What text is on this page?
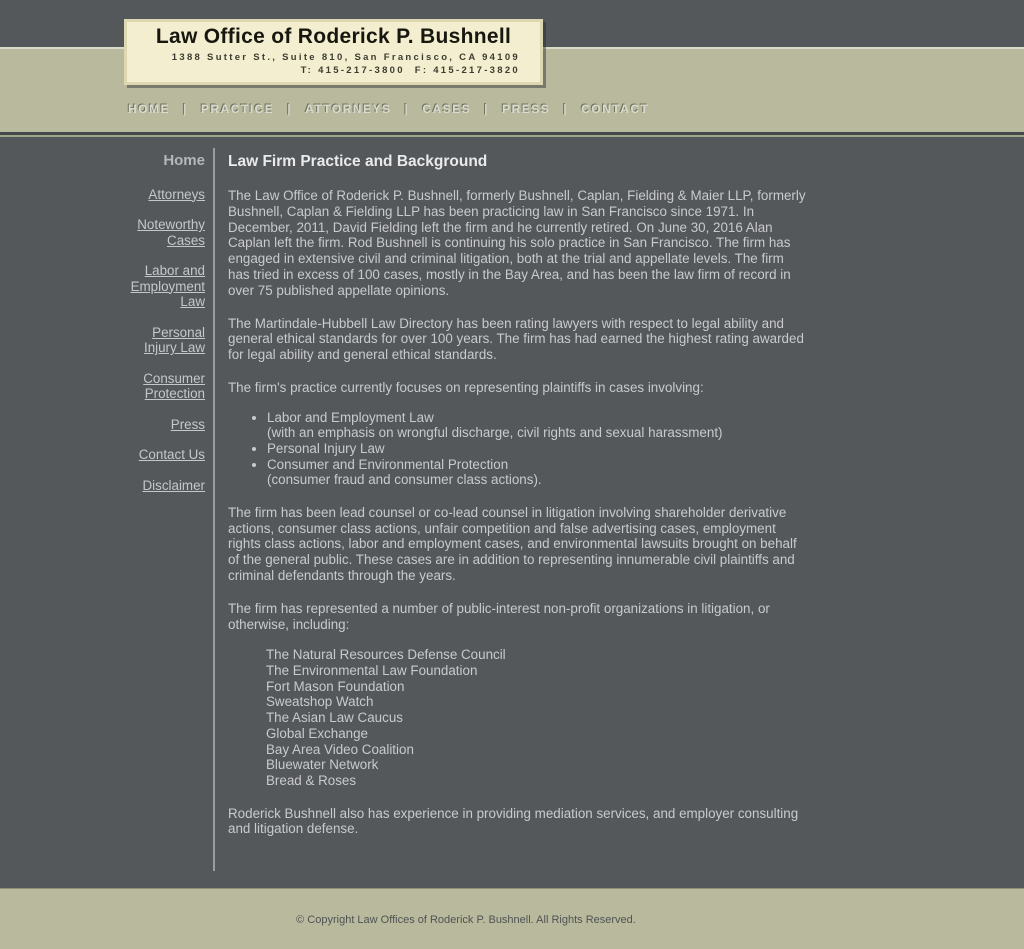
HOME | PRACTICE | ATTORNEYS | CASES | PRESS | CONTACT
Law Office of Roderick P. Bushnell
1388 Sutter St., Suite 810, San Francisco, CA 94109
T: 415-217-3800  F: 415-217-3820
Home
Attorneys
Noteworthy Cases
Labor and Employment Law
Personal Injury Law
Consumer Protection
Press
Contact Us
Disclaimer
Law Firm Practice and Background

The Law Office of Roderick P. Bushnell, formerly Bushnell, Caplan, Fielding & Maier LLP, formerly Bushnell, Caplan & Fielding LLP has been practicing law in San Francisco since 1971. In December, 2011, David Fielding left the firm and he currently retired. On June 30, 2016 Alan Caplan left the firm. Rod Bushnell is continuing his solo practice in San Francisco. The firm has engaged in extensive civil and criminal litigation, both at the trial and appellate levels. The firm has tried in excess of 100 cases, mostly in the Bay Area, and has been the law firm of record in over 75 published appellate opinions.

The Martindale-Hubbell Law Directory has been rating lawyers with respect to legal ability and general ethical standards for over 100 years. The firm has had earned the highest rating awarded for legal ability and general ethical standards.

The firm's practice currently focuses on representing plaintiffs in cases involving:

• Labor and Employment Law
(with an emphasis on wrongful discharge, civil rights and sexual harassment)
• Personal Injury Law
• Consumer and Environmental Protection
(consumer fraud and consumer class actions).

The firm has been lead counsel or co-lead counsel in litigation involving shareholder derivative actions, consumer class actions, unfair competition and false advertising cases, employment rights class actions, labor and employment cases, and environmental lawsuits brought on behalf of the general public. These cases are in addition to representing innumerable civil plaintiffs and criminal defendants through the years.

The firm has represented a number of public-interest non-profit organizations in litigation, or otherwise, including:

The Natural Resources Defense Council
The Environmental Law Foundation
Fort Mason Foundation
Sweatshop Watch
The Asian Law Caucus
Global Exchange
Bay Area Video Coalition
Bluewater Network
Bread & Roses

Roderick Bushnell also has experience in providing mediation services, and employer consulting and litigation defense.

© Copyright Law Offices of Roderick P. Bushnell. All Rights Reserved.
